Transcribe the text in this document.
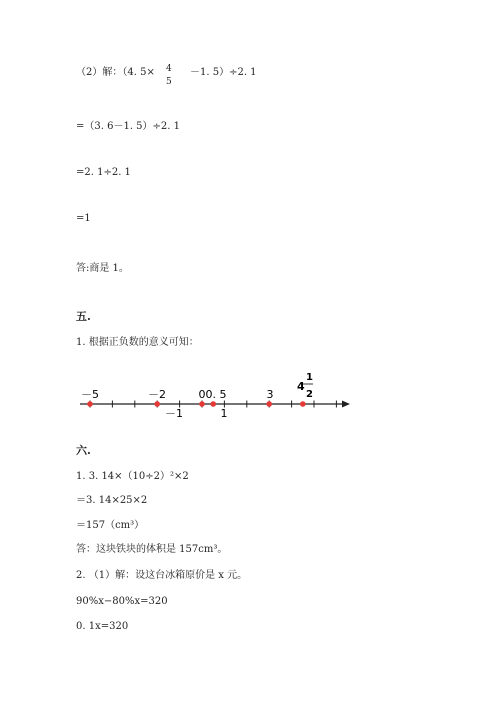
（2）解：（4. 5× 4
5
－1. 5）÷2. 1
=（3. 6－1. 5）÷2. 1
=2. 1÷2. 1
=1
答:商是 1。
五.
1. 根据正负数的意义可知：
－5	－2	0 0. 5	3
4
1
2
－1	1
六.
1. 3. 14×（10÷2）²×2
＝3. 14×25×2
＝157（cm³）
答：这块铁块的体积是 157cm³。
2. （1）解：设这台冰箱原价是 x 元。
90%x−80%x=320
0. 1x=320
